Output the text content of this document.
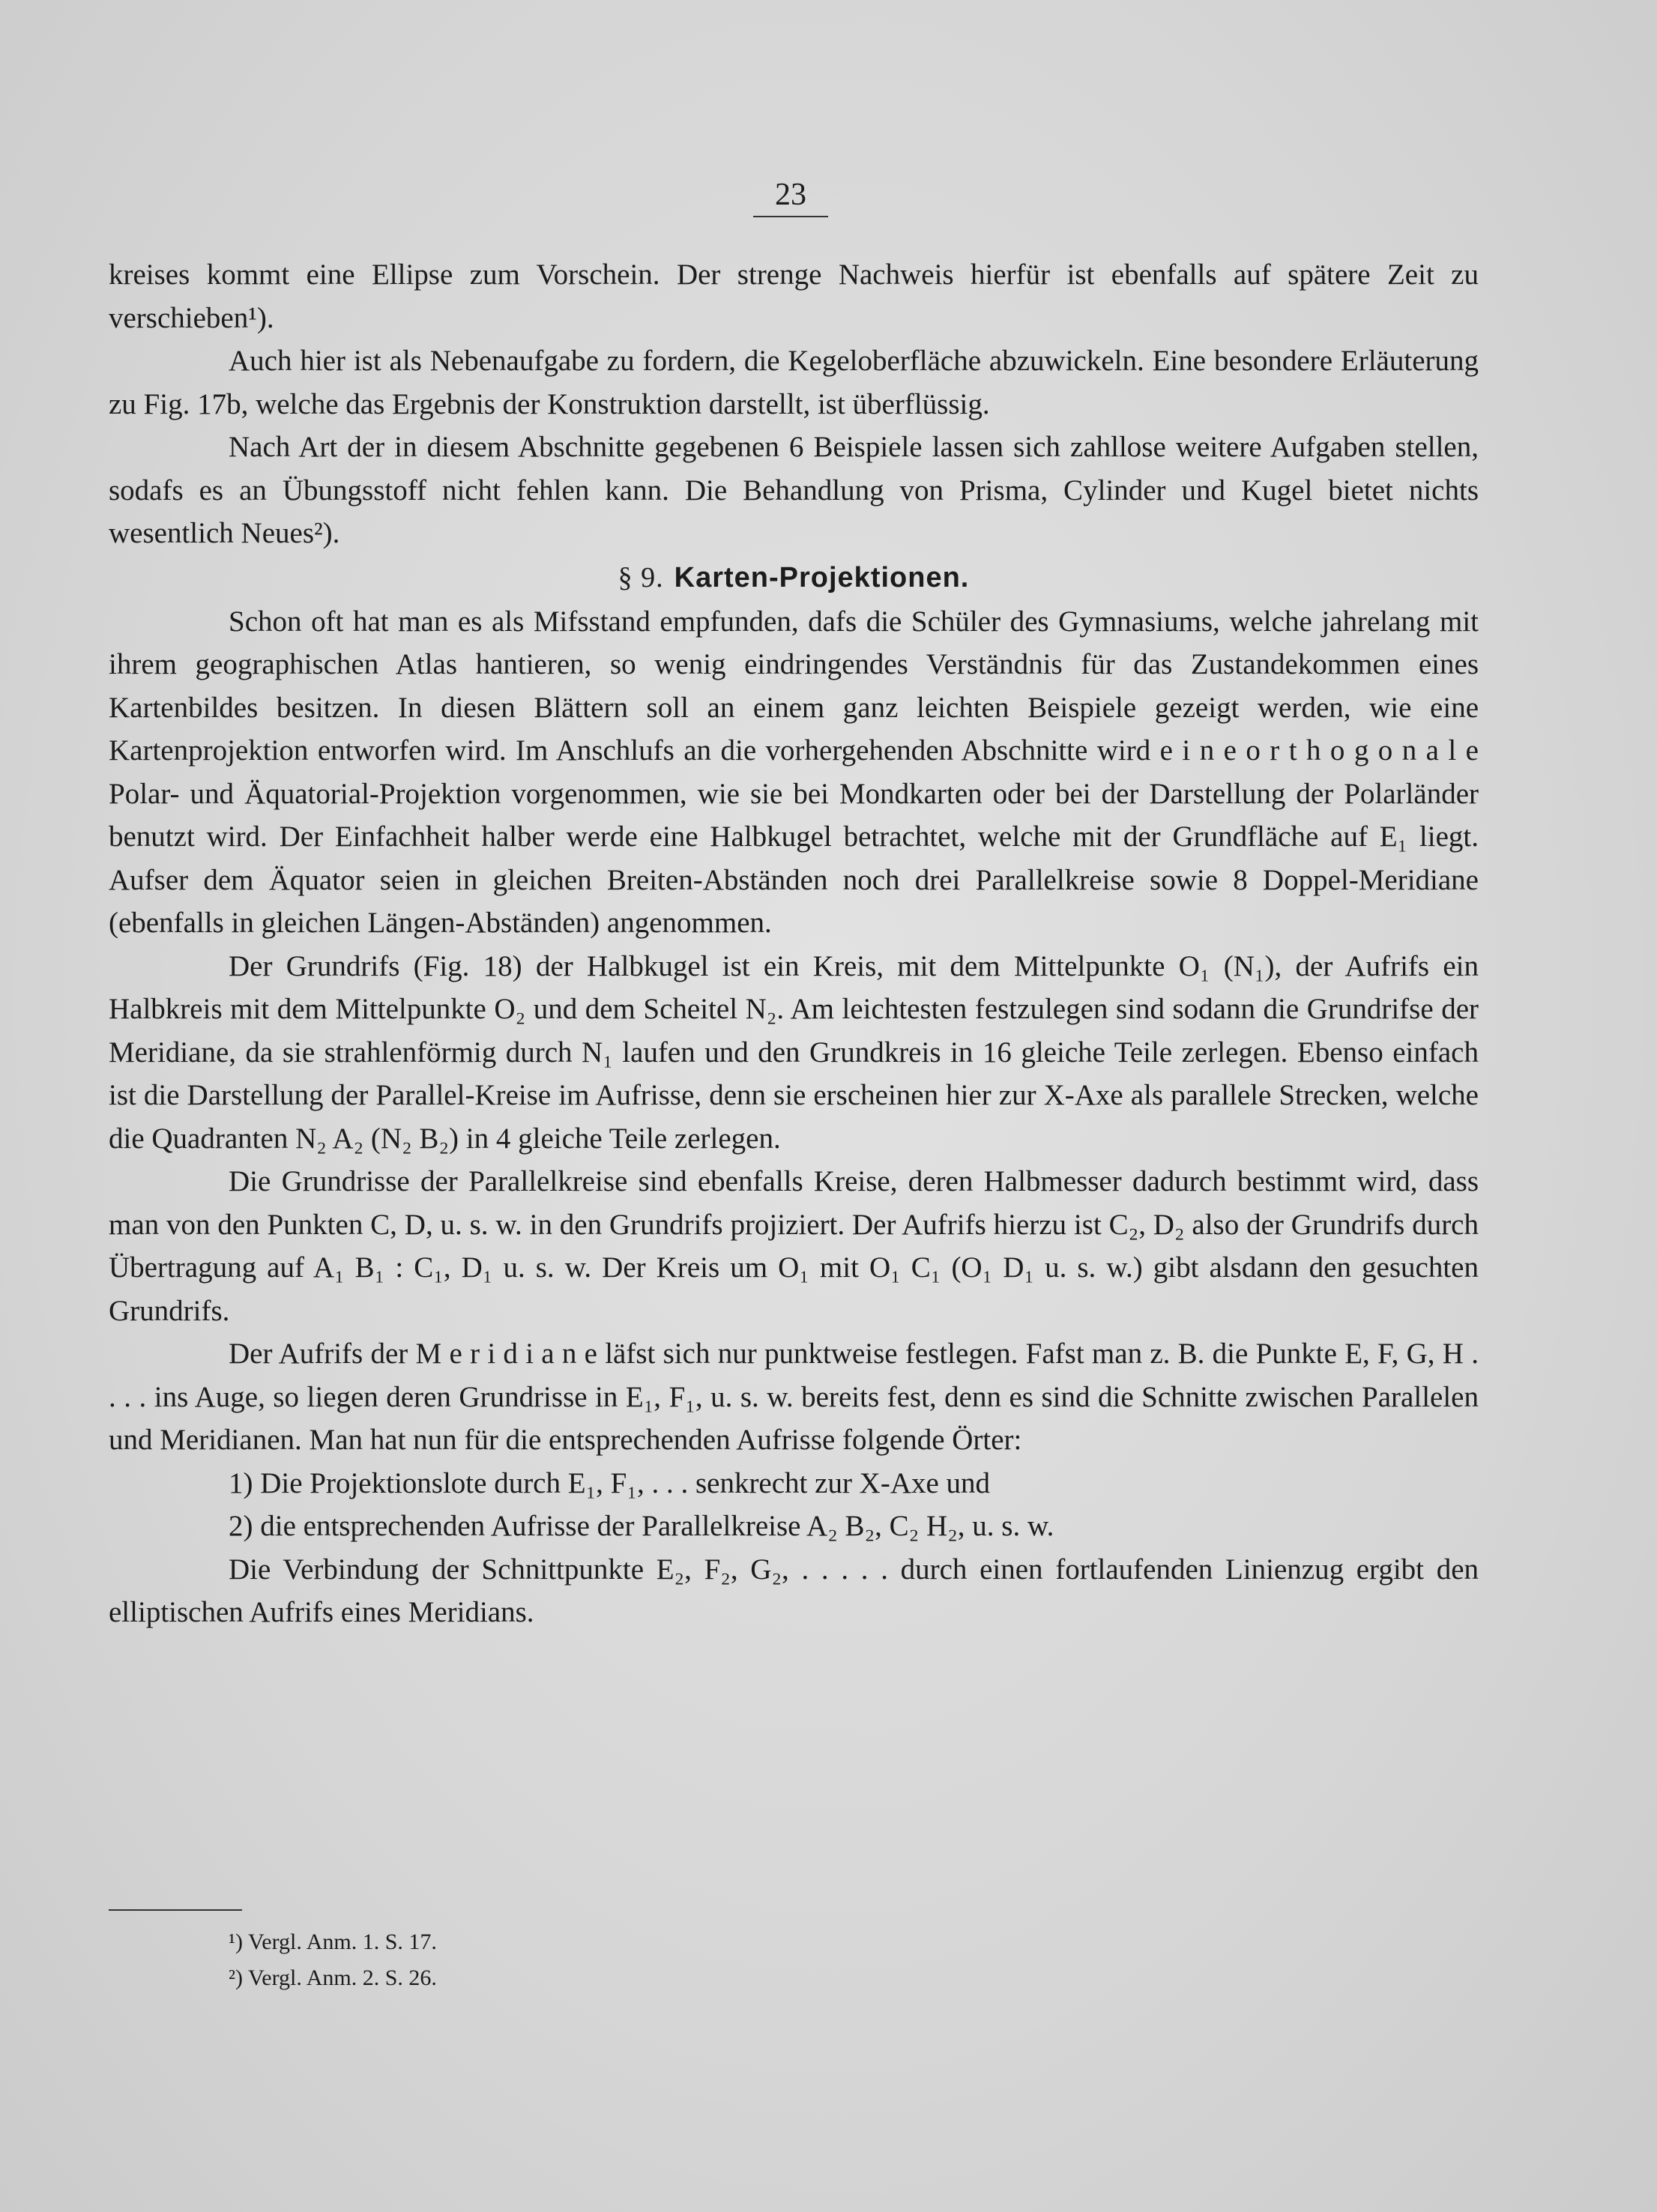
23

kreises kommt eine Ellipse zum Vorschein. Der strenge Nachweis hierfür ist ebenfalls auf spätere Zeit zu verschieben¹).

Auch hier ist als Nebenaufgabe zu fordern, die Kegeloberfläche abzuwickeln. Eine besondere Erläuterung zu Fig. 17b, welche das Ergebnis der Konstruktion darstellt, ist überflüssig.

Nach Art der in diesem Abschnitte gegebenen 6 Beispiele lassen sich zahllose weitere Aufgaben stellen, sodafs es an Übungsstoff nicht fehlen kann. Die Behandlung von Prisma, Cylinder und Kugel bietet nichts wesentlich Neues²).

§ 9. Karten-Projektionen.

Schon oft hat man es als Mifsstand empfunden, dafs die Schüler des Gymnasiums, welche jahrelang mit ihrem geographischen Atlas hantieren, so wenig eindringendes Verständnis für das Zustandekommen eines Kartenbildes besitzen. In diesen Blättern soll an einem ganz leichten Beispiele gezeigt werden, wie eine Kartenprojektion entworfen wird. Im Anschlufs an die vorhergehenden Abschnitte wird e i n e o r t h o g o n a l e Polar- und Äquatorial-Projektion vorgenommen, wie sie bei Mondkarten oder bei der Darstellung der Polarländer benutzt wird. Der Einfachheit halber werde eine Halbkugel betrachtet, welche mit der Grundfläche auf E₁ liegt. Aufser dem Äquator seien in gleichen Breiten-Abständen noch drei Parallelkreise sowie 8 Doppel-Meridiane (ebenfalls in gleichen Längen-Abständen) angenommen.

Der Grundrifs (Fig. 18) der Halbkugel ist ein Kreis, mit dem Mittelpunkte O₁ (N₁), der Aufrifs ein Halbkreis mit dem Mittelpunkte O₂ und dem Scheitel N₂. Am leichtesten festzulegen sind sodann die Grundrifse der Meridiane, da sie strahlenförmig durch N₁ laufen und den Grundkreis in 16 gleiche Teile zerlegen. Ebenso einfach ist die Darstellung der Parallel-Kreise im Aufrisse, denn sie erscheinen hier zur X-Axe als parallele Strecken, welche die Quadranten N₂ A₂ (N₂ B₂) in 4 gleiche Teile zerlegen.

Die Grundrisse der Parallelkreise sind ebenfalls Kreise, deren Halbmesser dadurch bestimmt wird, dass man von den Punkten C, D, u. s. w. in den Grundrifs projiziert. Der Aufrifs hierzu ist C₂, D₂ also der Grundrifs durch Übertragung auf A₁ B₁ : C₁, D₁ u. s. w. Der Kreis um O₁ mit O₁ C₁ (O₁ D₁ u. s. w.) gibt alsdann den gesuchten Grundrifs.

Der Aufrifs der M e r i d i a n e läfst sich nur punktweise festlegen. Fafst man z. B. die Punkte E, F, G, H . . . . ins Auge, so liegen deren Grundrisse in E₁, F₁, u. s. w. bereits fest, denn es sind die Schnitte zwischen Parallelen und Meridianen. Man hat nun für die entsprechenden Aufrisse folgende Örter:

1) Die Projektionslote durch E₁, F₁, . . . senkrecht zur X-Axe und

2) die entsprechenden Aufrisse der Parallelkreise A₂ B₂, C₂ H₂, u. s. w.

Die Verbindung der Schnittpunkte E₂, F₂, G₂, . . . . . durch einen fortlaufenden Linienzug ergibt den elliptischen Aufrifs eines Meridians.

¹) Vergl. Anm. 1. S. 17.
²) Vergl. Anm. 2. S. 26.
